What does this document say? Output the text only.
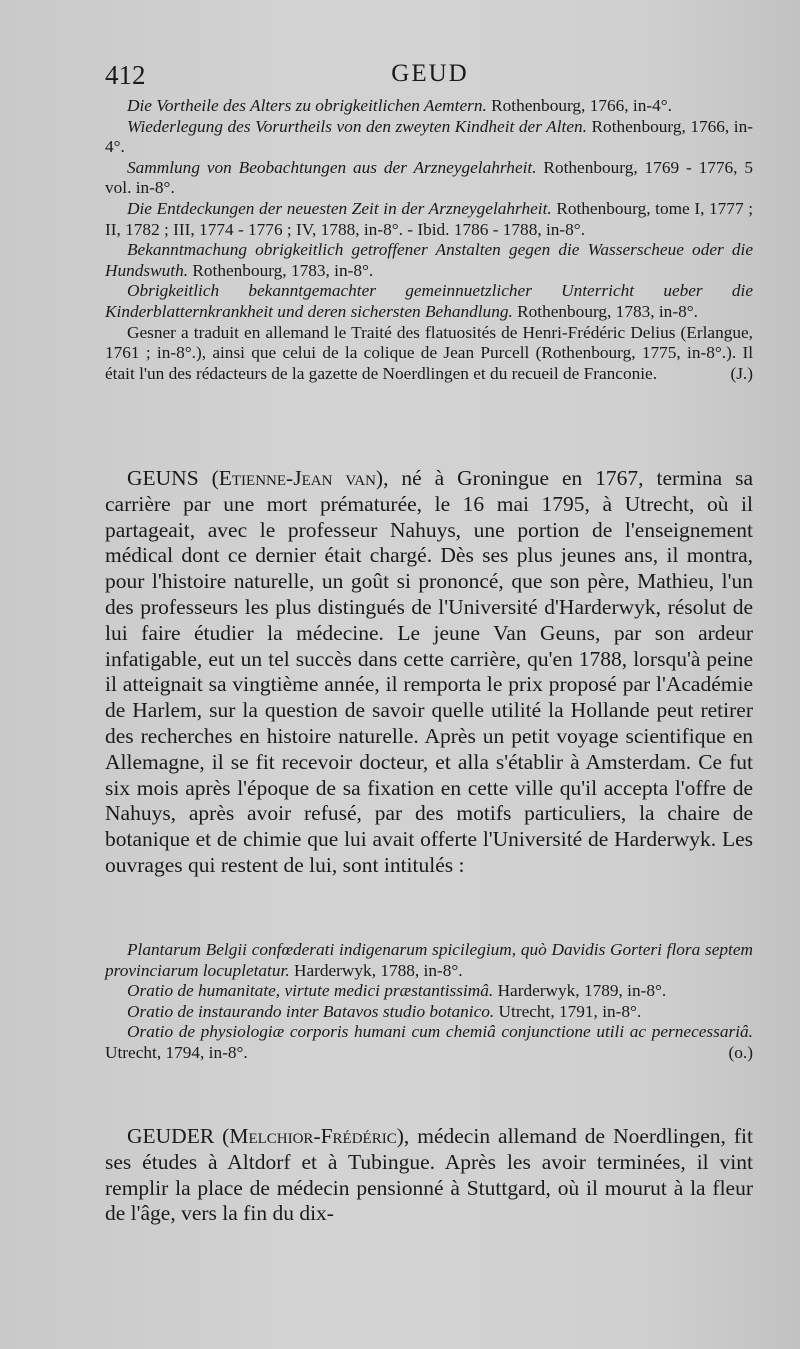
412	GEUD

Die Vortheile des Alters zu obrigkeitlichen Aemtern. Rothenbourg, 1766, in-4°.

Wiederlegung des Vorurtheils von den zweyten Kindheit der Alten. Rothenbourg, 1766, in-4°.

Sammlung von Beobachtungen aus der Arzneygelahrheit. Rothenbourg, 1769 - 1776, 5 vol. in-8°.

Die Entdeckungen der neuesten Zeit in der Arzneygelahrheit. Rothenbourg, tome I, 1777 ; II, 1782 ; III, 1774 - 1776 ; IV, 1788, in-8°. - Ibid. 1786 - 1788, in-8°.

Bekanntmachung obrigkeitlich getroffener Anstalten gegen die Wasserscheue oder die Hundswuth. Rothenbourg, 1783, in-8°.

Obrigkeitlich bekanntgemachter gemeinnuetzlicher Unterricht ueber die Kinderblatternkrankheit und deren sichersten Behandlung. Rothenbourg, 1783, in-8°.

Gesner a traduit en allemand le Traité des flatuosités de Henri-Frédéric Delius (Erlangue, 1761 ; in-8°.), ainsi que celui de la colique de Jean Purcell (Rothenbourg, 1775, in-8°.). Il était l'un des rédacteurs de la gazette de Noerdlingen et du recueil de Franconie.	(J.)

GEUNS (Etienne-Jean van), né à Groningue en 1767, termina sa carrière par une mort prématurée, le 16 mai 1795, à Utrecht, où il partageait, avec le professeur Nahuys, une portion de l'enseignement médical dont ce dernier était chargé. Dès ses plus jeunes ans, il montra, pour l'histoire naturelle, un goût si prononcé, que son père, Mathieu, l'un des professeurs les plus distingués de l'Université d'Harderwyk, résolut de lui faire étudier la médecine. Le jeune Van Geuns, par son ardeur infatigable, eut un tel succès dans cette carrière, qu'en 1788, lorsqu'à peine il atteignait sa vingtième année, il remporta le prix proposé par l'Académie de Harlem, sur la question de savoir quelle utilité la Hollande peut retirer des recherches en histoire naturelle. Après un petit voyage scientifique en Allemagne, il se fit recevoir docteur, et alla s'établir à Amsterdam. Ce fut six mois après l'époque de sa fixation en cette ville qu'il accepta l'offre de Nahuys, après avoir refusé, par des motifs particuliers, la chaire de botanique et de chimie que lui avait offerte l'Université de Harderwyk. Les ouvrages qui restent de lui, sont intitulés :

Plantarum Belgii confœderati indigenarum spicilegium, quò Davidis Gorteri flora septem provinciarum locupletatur. Harderwyk, 1788, in-8°.

Oratio de humanitate, virtute medici præstantissimâ. Harderwyk, 1789, in-8°.

Oratio de instaurando inter Batavos studio botanico. Utrecht, 1791, in-8°.

Oratio de physiologiæ corporis humani cum chemiâ conjunctione utili ac pernecessariâ. Utrecht, 1794, in-8°.	(o.)

GEUDER (Melchior-Frédéric), médecin allemand de Noerdlingen, fit ses études à Altdorf et à Tubingue. Après les avoir terminées, il vint remplir la place de médecin pensionné à Stuttgard, où il mourut à la fleur de l'âge, vers la fin du dix-
